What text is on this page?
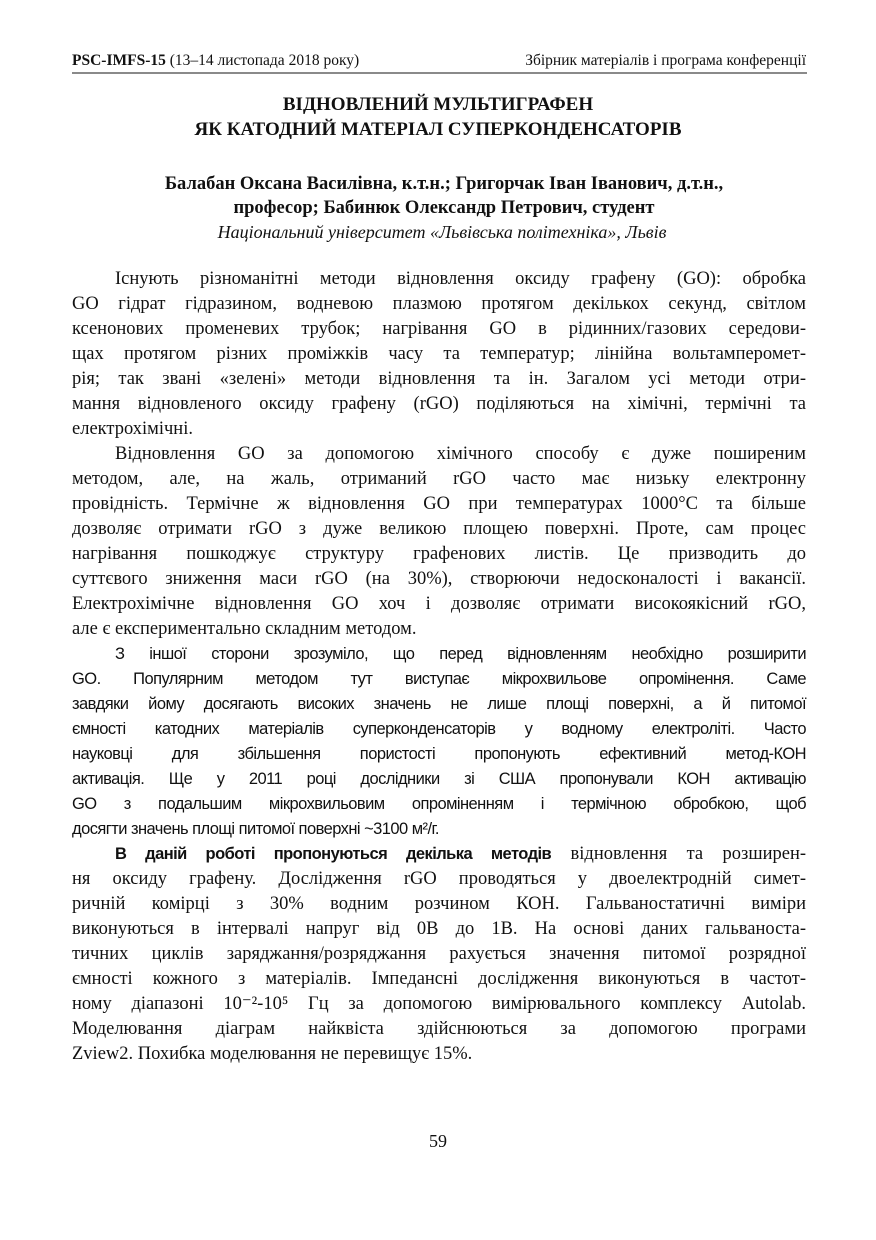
PSC-IMFS-15 (13–14 листопада 2018 року)	Збірник матеріалів і програма конференції
ВІДНОВЛЕНИЙ МУЛЬТИГРАФЕН
ЯК КАТОДНИЙ МАТЕРІАЛ СУПЕРКОНДЕНСАТОРІВ
Балабан Оксана Василівна, к.т.н.; Григорчак Іван Іванович, д.т.н.,
професор; Бабинюк Олександр Петрович, студент
Національний університет «Львівська політехніка», Львів
Існують різноманітні методи відновлення оксиду графену (GO): обробка
GO гідрат гідразином, водневою плазмою протягом декількох секунд, світлом
ксенонових променевих трубок; нагрівання GO в рідинних/газових середови-
щах протягом різних проміжків часу та температур; лінійна вольтамперомет-
рія; так звані «зелені» методи відновлення та ін. Загалом усі методи отри-
мання відновленого оксиду графену (rGO) поділяються на хімічні, термічні та
електрохімічні.
Відновлення GO за допомогою хімічного способу є дуже поширеним
методом, але, на жаль, отриманий rGO часто має низьку електронну
провідність. Термічне ж відновлення GO при температурах 1000°С та більше
дозволяє отримати rGO з дуже великою площею поверхні. Проте, сам процес
нагрівання пошкоджує структуру графенових листів. Це призводить до
суттєвого зниження маси rGO (на 30%), створюючи недосконалості і вакансії.
Електрохімічне відновлення GO хоч і дозволяє отримати високоякісний rGO,
але є експериментально складним методом.
З іншої сторони зрозуміло, що перед відновленням необхідно розширити
GO. Популярним методом тут виступає мікрохвильове опромінення. Саме
завдяки йому досягають високих значень не лише площі поверхні, а й питомої
ємності катодних матеріалів суперконденсаторів у водному електроліті. Часто
науковці для збільшення пористості пропонують ефективний метод-КОН
активація. Ще у 2011 році дослідники зі США пропонували КОН активацію
GO з подальшим мікрохвильовим опроміненням і термічною обробкою, щоб
досягти значень площі питомої поверхні ~3100 м²/г.
В даній роботі пропонуються декілька методів відновлення та розширен-
ня оксиду графену. Дослідження rGO проводяться у двоелектродній симет-
ричній комірці з 30% водним розчином КОН. Гальваностатичні виміри
виконуються в інтервалі напруг від 0В до 1В. На основі даних гальваноста-
тичних циклів заряджання/розряджання рахується значення питомої розрядної
ємності кожного з матеріалів. Імпедансні дослідження виконуються в частот-
ному діапазоні 10⁻²-10⁵ Гц за допомогою вимірювального комплексу Autolab.
Моделювання діаграм найквіста здійснюються за допомогою програми
Zview2. Похибка моделювання не перевищує 15%.
59
